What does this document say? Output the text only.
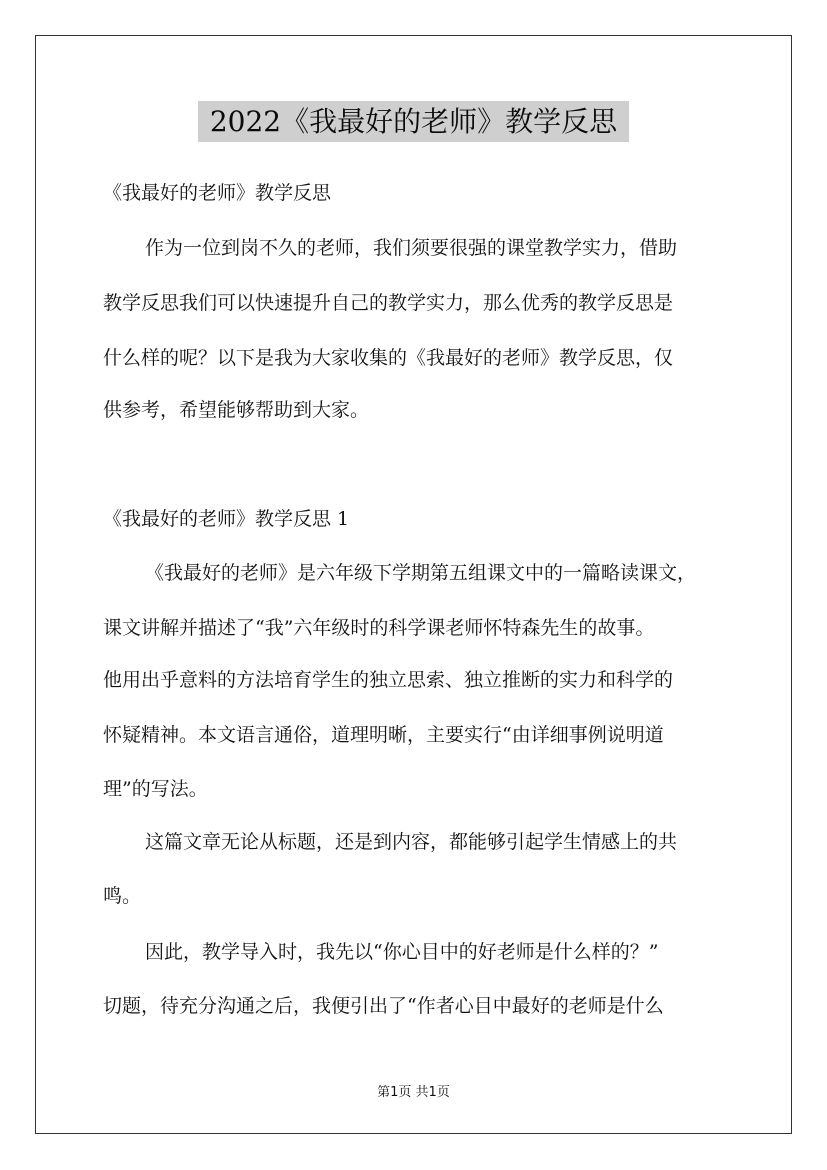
2022《我最好的老师》教学反思
《我最好的老师》教学反思
作为一位到岗不久的老师，我们须要很强的课堂教学实力，借助
教学反思我们可以快速提升自己的教学实力，那么优秀的教学反思是
什么样的呢？以下是我为大家收集的《我最好的老师》教学反思，仅
供参考，希望能够帮助到大家。
《我最好的老师》教学反思 1
《我最好的老师》是六年级下学期第五组课文中的一篇略读课文，
课文讲解并描述了“我”六年级时的科学课老师怀特森先生的故事。
他用出乎意料的方法培育学生的独立思索、独立推断的实力和科学的
怀疑精神。本文语言通俗，道理明晰，主要实行“由详细事例说明道
理”的写法。
这篇文章无论从标题，还是到内容，都能够引起学生情感上的共
鸣。
因此，教学导入时，我先以“你心目中的好老师是什么样的？”
切题，待充分沟通之后，我便引出了“作者心目中最好的老师是什么
第1页 共1页
